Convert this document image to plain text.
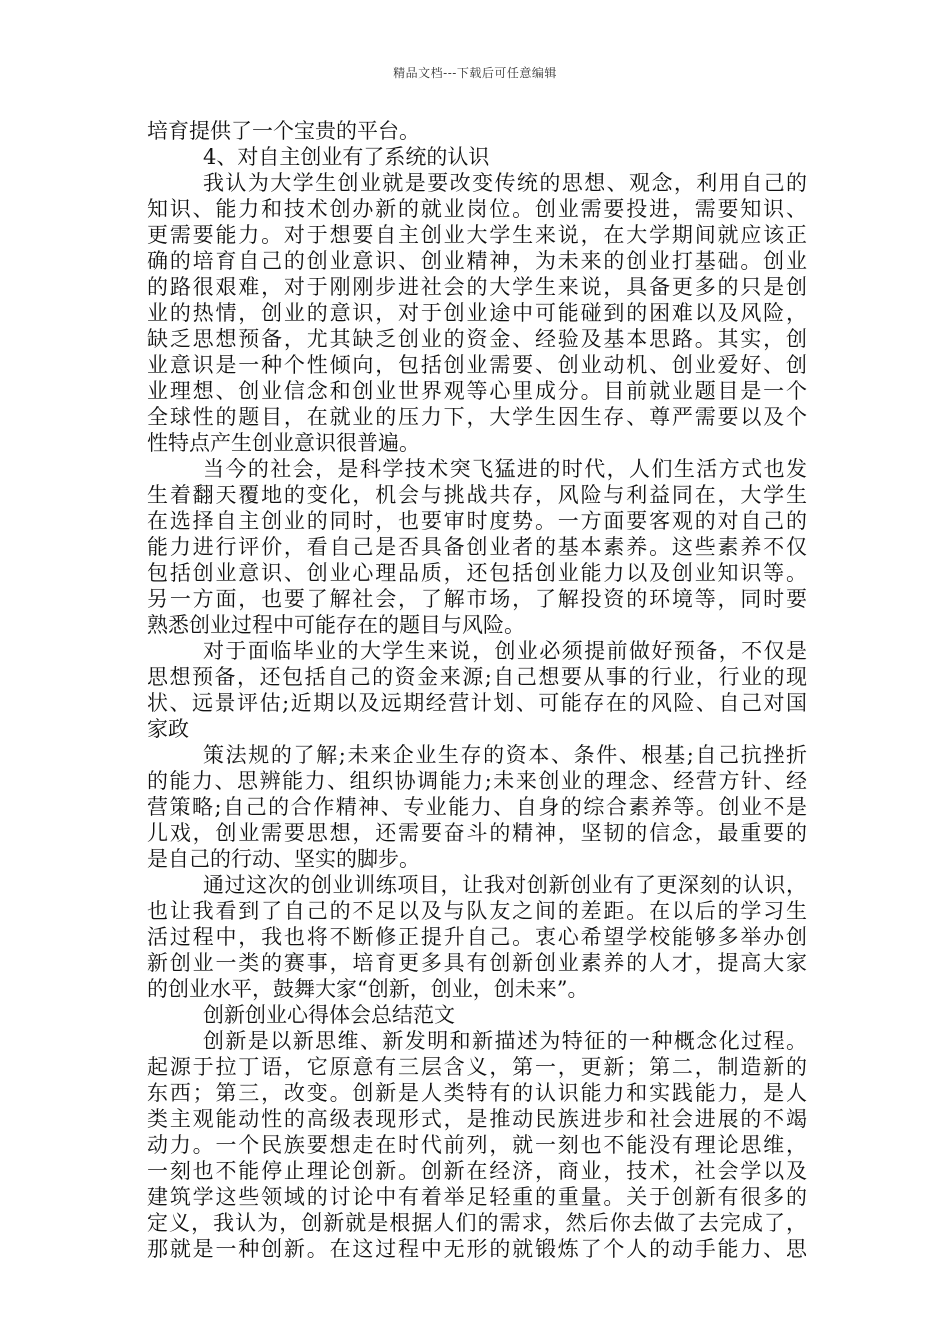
精品文档---下载后可任意编辑
培育提供了一个宝贵的平台。
4、对自主创业有了系统的认识
我认为大学生创业就是要改变传统的思想、观念，利用自己的
知识、能力和技术创办新的就业岗位。创业需要投进，需要知识、
更需要能力。对于想要自主创业大学生来说，在大学期间就应该正
确的培育自己的创业意识、创业精神，为未来的创业打基础。创业
的路很艰难，对于刚刚步进社会的大学生来说，具备更多的只是创
业的热情，创业的意识，对于创业途中可能碰到的困难以及风险，
缺乏思想预备，尤其缺乏创业的资金、经验及基本思路。其实，创
业意识是一种个性倾向，包括创业需要、创业动机、创业爱好、创
业理想、创业信念和创业世界观等心里成分。目前就业题目是一个
全球性的题目，在就业的压力下，大学生因生存、尊严需要以及个
性特点产生创业意识很普遍。
当今的社会，是科学技术突飞猛进的时代，人们生活方式也发
生着翻天覆地的变化，机会与挑战共存，风险与利益同在，大学生
在选择自主创业的同时，也要审时度势。一方面要客观的对自己的
能力进行评价，看自己是否具备创业者的基本素养。这些素养不仅
包括创业意识、创业心理品质，还包括创业能力以及创业知识等。
另一方面，也要了解社会，了解市场，了解投资的环境等，同时要
熟悉创业过程中可能存在的题目与风险。
对于面临毕业的大学生来说，创业必须提前做好预备，不仅是
思想预备，还包括自己的资金来源;自己想要从事的行业，行业的现
状、远景评估;近期以及远期经营计划、可能存在的风险、自己对国
家政
策法规的了解;未来企业生存的资本、条件、根基;自己抗挫折
的能力、思辨能力、组织协调能力;未来创业的理念、经营方针、经
营策略;自己的合作精神、专业能力、自身的综合素养等。创业不是
儿戏，创业需要思想，还需要奋斗的精神，坚韧的信念，最重要的
是自己的行动、坚实的脚步。
通过这次的创业训练项目，让我对创新创业有了更深刻的认识，
也让我看到了自己的不足以及与队友之间的差距。在以后的学习生
活过程中，我也将不断修正提升自己。衷心希望学校能够多举办创
新创业一类的赛事，培育更多具有创新创业素养的人才，提高大家
的创业水平，鼓舞大家“创新，创业，创未来”。
创新创业心得体会总结范文
创新是以新思维、新发明和新描述为特征的一种概念化过程。
起源于拉丁语，它原意有三层含义，第一，更新；第二，制造新的
东西；第三，改变。创新是人类特有的认识能力和实践能力，是人
类主观能动性的高级表现形式，是推动民族进步和社会进展的不竭
动力。一个民族要想走在时代前列，就一刻也不能没有理论思维，
一刻也不能停止理论创新。创新在经济，商业，技术，社会学以及
建筑学这些领域的讨论中有着举足轻重的重量。关于创新有很多的
定义，我认为，创新就是根据人们的需求，然后你去做了去完成了，
那就是一种创新。在这过程中无形的就锻炼了个人的动手能力、思
